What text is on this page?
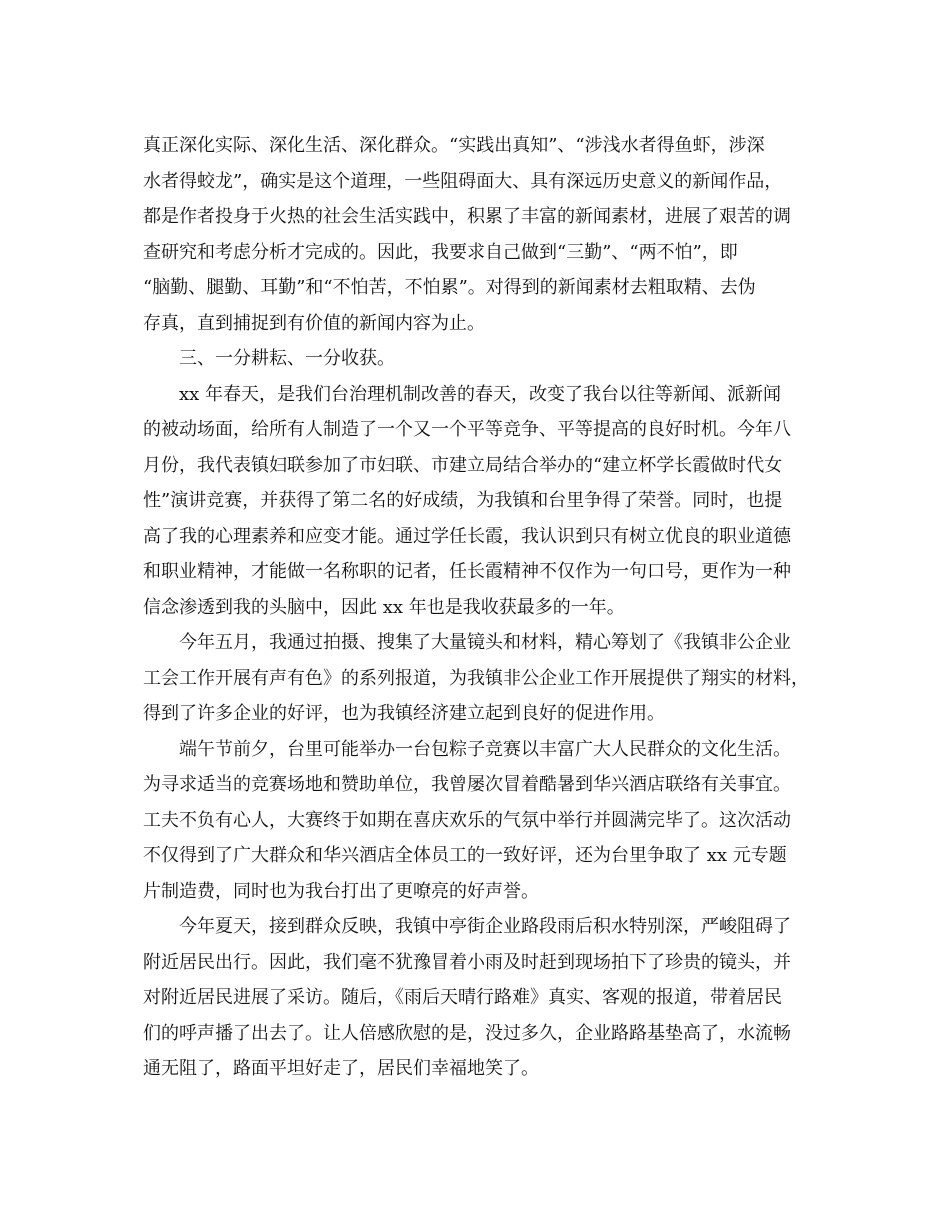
真正深化实际、深化生活、深化群众。“实践出真知”、“涉浅水者得鱼虾，涉深
水者得蛟龙”，确实是这个道理，一些阻碍面大、具有深远历史意义的新闻作品，
都是作者投身于火热的社会生活实践中，积累了丰富的新闻素材，进展了艰苦的调
查研究和考虑分析才完成的。因此，我要求自己做到“三勤”、“两不怕”，即
“脑勤、腿勤、耳勤”和“不怕苦，不怕累”。对得到的新闻素材去粗取精、去伪
存真，直到捕捉到有价值的新闻内容为止。
三、一分耕耘、一分收获。
xx 年春天，是我们台治理机制改善的春天，改变了我台以往等新闻、派新闻
的被动场面，给所有人制造了一个又一个平等竞争、平等提高的良好时机。今年八
月份，我代表镇妇联参加了市妇联、市建立局结合举办的“建立杯学长霞做时代女
性”演讲竞赛，并获得了第二名的好成绩，为我镇和台里争得了荣誉。同时，也提
高了我的心理素养和应变才能。通过学任长霞，我认识到只有树立优良的职业道德
和职业精神，才能做一名称职的记者，任长霞精神不仅作为一句口号，更作为一种
信念渗透到我的头脑中，因此 xx 年也是我收获最多的一年。
今年五月，我通过拍摄、搜集了大量镜头和材料，精心筹划了《我镇非公企业
工会工作开展有声有色》的系列报道，为我镇非公企业工作开展提供了翔实的材料，
得到了许多企业的好评，也为我镇经济建立起到良好的促进作用。
端午节前夕，台里可能举办一台包粽子竞赛以丰富广大人民群众的文化生活。
为寻求适当的竞赛场地和赞助单位，我曾屡次冒着酷暑到华兴酒店联络有关事宜。
工夫不负有心人，大赛终于如期在喜庆欢乐的气氛中举行并圆满完毕了。这次活动
不仅得到了广大群众和华兴酒店全体员工的一致好评，还为台里争取了 xx 元专题
片制造费，同时也为我台打出了更嘹亮的好声誉。
今年夏天，接到群众反映，我镇中亭街企业路段雨后积水特别深，严峻阻碍了
附近居民出行。因此，我们毫不犹豫冒着小雨及时赶到现场拍下了珍贵的镜头，并
对附近居民进展了采访。随后，《雨后天晴行路难》真实、客观的报道，带着居民
们的呼声播了出去了。让人倍感欣慰的是，没过多久，企业路路基垫高了，水流畅
通无阻了，路面平坦好走了，居民们幸福地笑了。
